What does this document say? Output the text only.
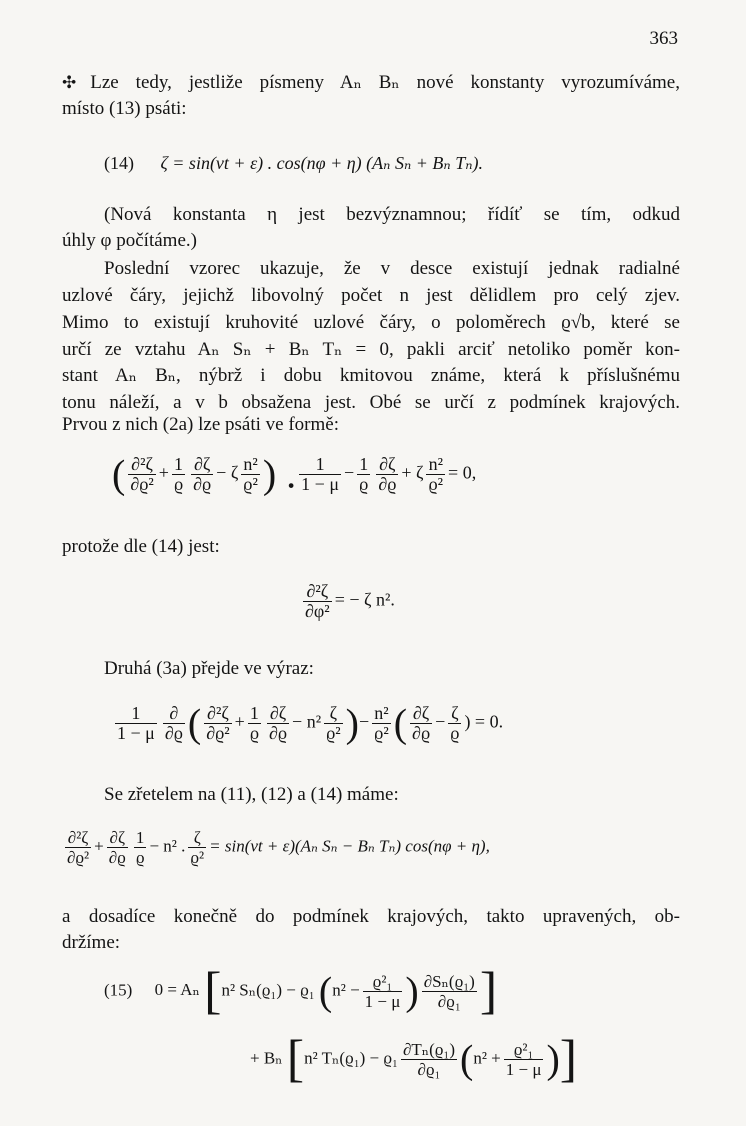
363
✣ Lze tedy, jestliže písmeny Aₙ Bₙ nové konstanty vyrozumíváme,
místo (13) psáti:
(14) ζ = sin(νt + ε) . cos(nφ + η) (Aₙ Sₙ + Bₙ Tₙ).
(Nová konstanta η jest bezvýznamnou; řídíť se tím, odkud
úhly φ počítáme.)
Poslední vzorec ukazuje, že v desce existují jednak radialné
uzlové čáry, jejichž libovolný počet n jest dělidlem pro celý zjev.
Mimo to existují kruhovité uzlové čáry, o poloměrech ϱ√b, které se
určí ze vztahu Aₙ Sₙ + Bₙ Tₙ = 0, pakli arciť netoliko poměr kon-
stant Aₙ Bₙ, nýbrž i dobu kmitovou známe, která k příslušnému
tonu náleží, a v b obsažena jest. Obé se určí z podmínek krajových.
Prvou z nich (2a) lze psáti ve formě:
( $\frac{\text{∂²ζ}}{\text{∂ϱ²}} + \frac{1}{ϱ} \frac{\partial\zeta}{\partial ϱ} - \zeta \frac{\text{n²}}{\text{ϱ²}}$ ) . $\frac{1}{1 - \mu} - \frac{1}{ϱ} \frac{\partial\zeta}{\partial ϱ} + \zeta \frac{\text{n²}}{\text{ϱ²}} = 0$,
protože dle (14) jest:
$\frac{\text{∂²ζ}}{\text{∂φ²}}$ = − ζ n².
Druhá (3a) přejde ve výraz:
$\frac{1}{1 - \mu} \frac{\partial}{\partial ϱ}$ ( $\frac{\text{∂²ζ}}{\text{∂ϱ²}} + \frac{1}{ϱ} \frac{\partial\zeta}{\partial ϱ} - n^2 \frac{\zeta}{\text{ϱ²}}$ )− $\frac{\text{n²}}{\text{ϱ²}}$ ( $\frac{\partial\zeta}{\partial ϱ} - \frac{\zeta}{ϱ}$ ) = 0.
Se zřetelem na (11), (12) a (14) máme:
$\frac{\text{∂²ζ}}{\text{∂ϱ²}} + \frac{\partial\zeta}{\partial ϱ} \frac{1}{ϱ} - n^2$ . $\frac{\zeta}{\text{ϱ²}} = \sin(\nu t + \varepsilon)(A_n$ Sₙ − Bₙ Tₙ) cos(nφ + η),
a dosadíce konečně do podmínek krajových, takto upravených, ob-
držíme:
(15) 0 = Aₙ [n² Sₙ(ϱ₁) − ϱ₁ ($n^2 - \frac{\text{ϱ²₁}}{1 - \mu}$ ) $\frac{\text{∂Sₙ(ϱ₁)}}{\text{∂ϱ₁}}$ ]
+ Bₙ [n² $T_n(ϱ_1) - ϱ_1 \frac{\text{∂Tₙ(ϱ₁)}}{\text{∂ϱ₁}} (n^2 + \frac{\text{ϱ²₁}}{1 - \mu}$ )]
